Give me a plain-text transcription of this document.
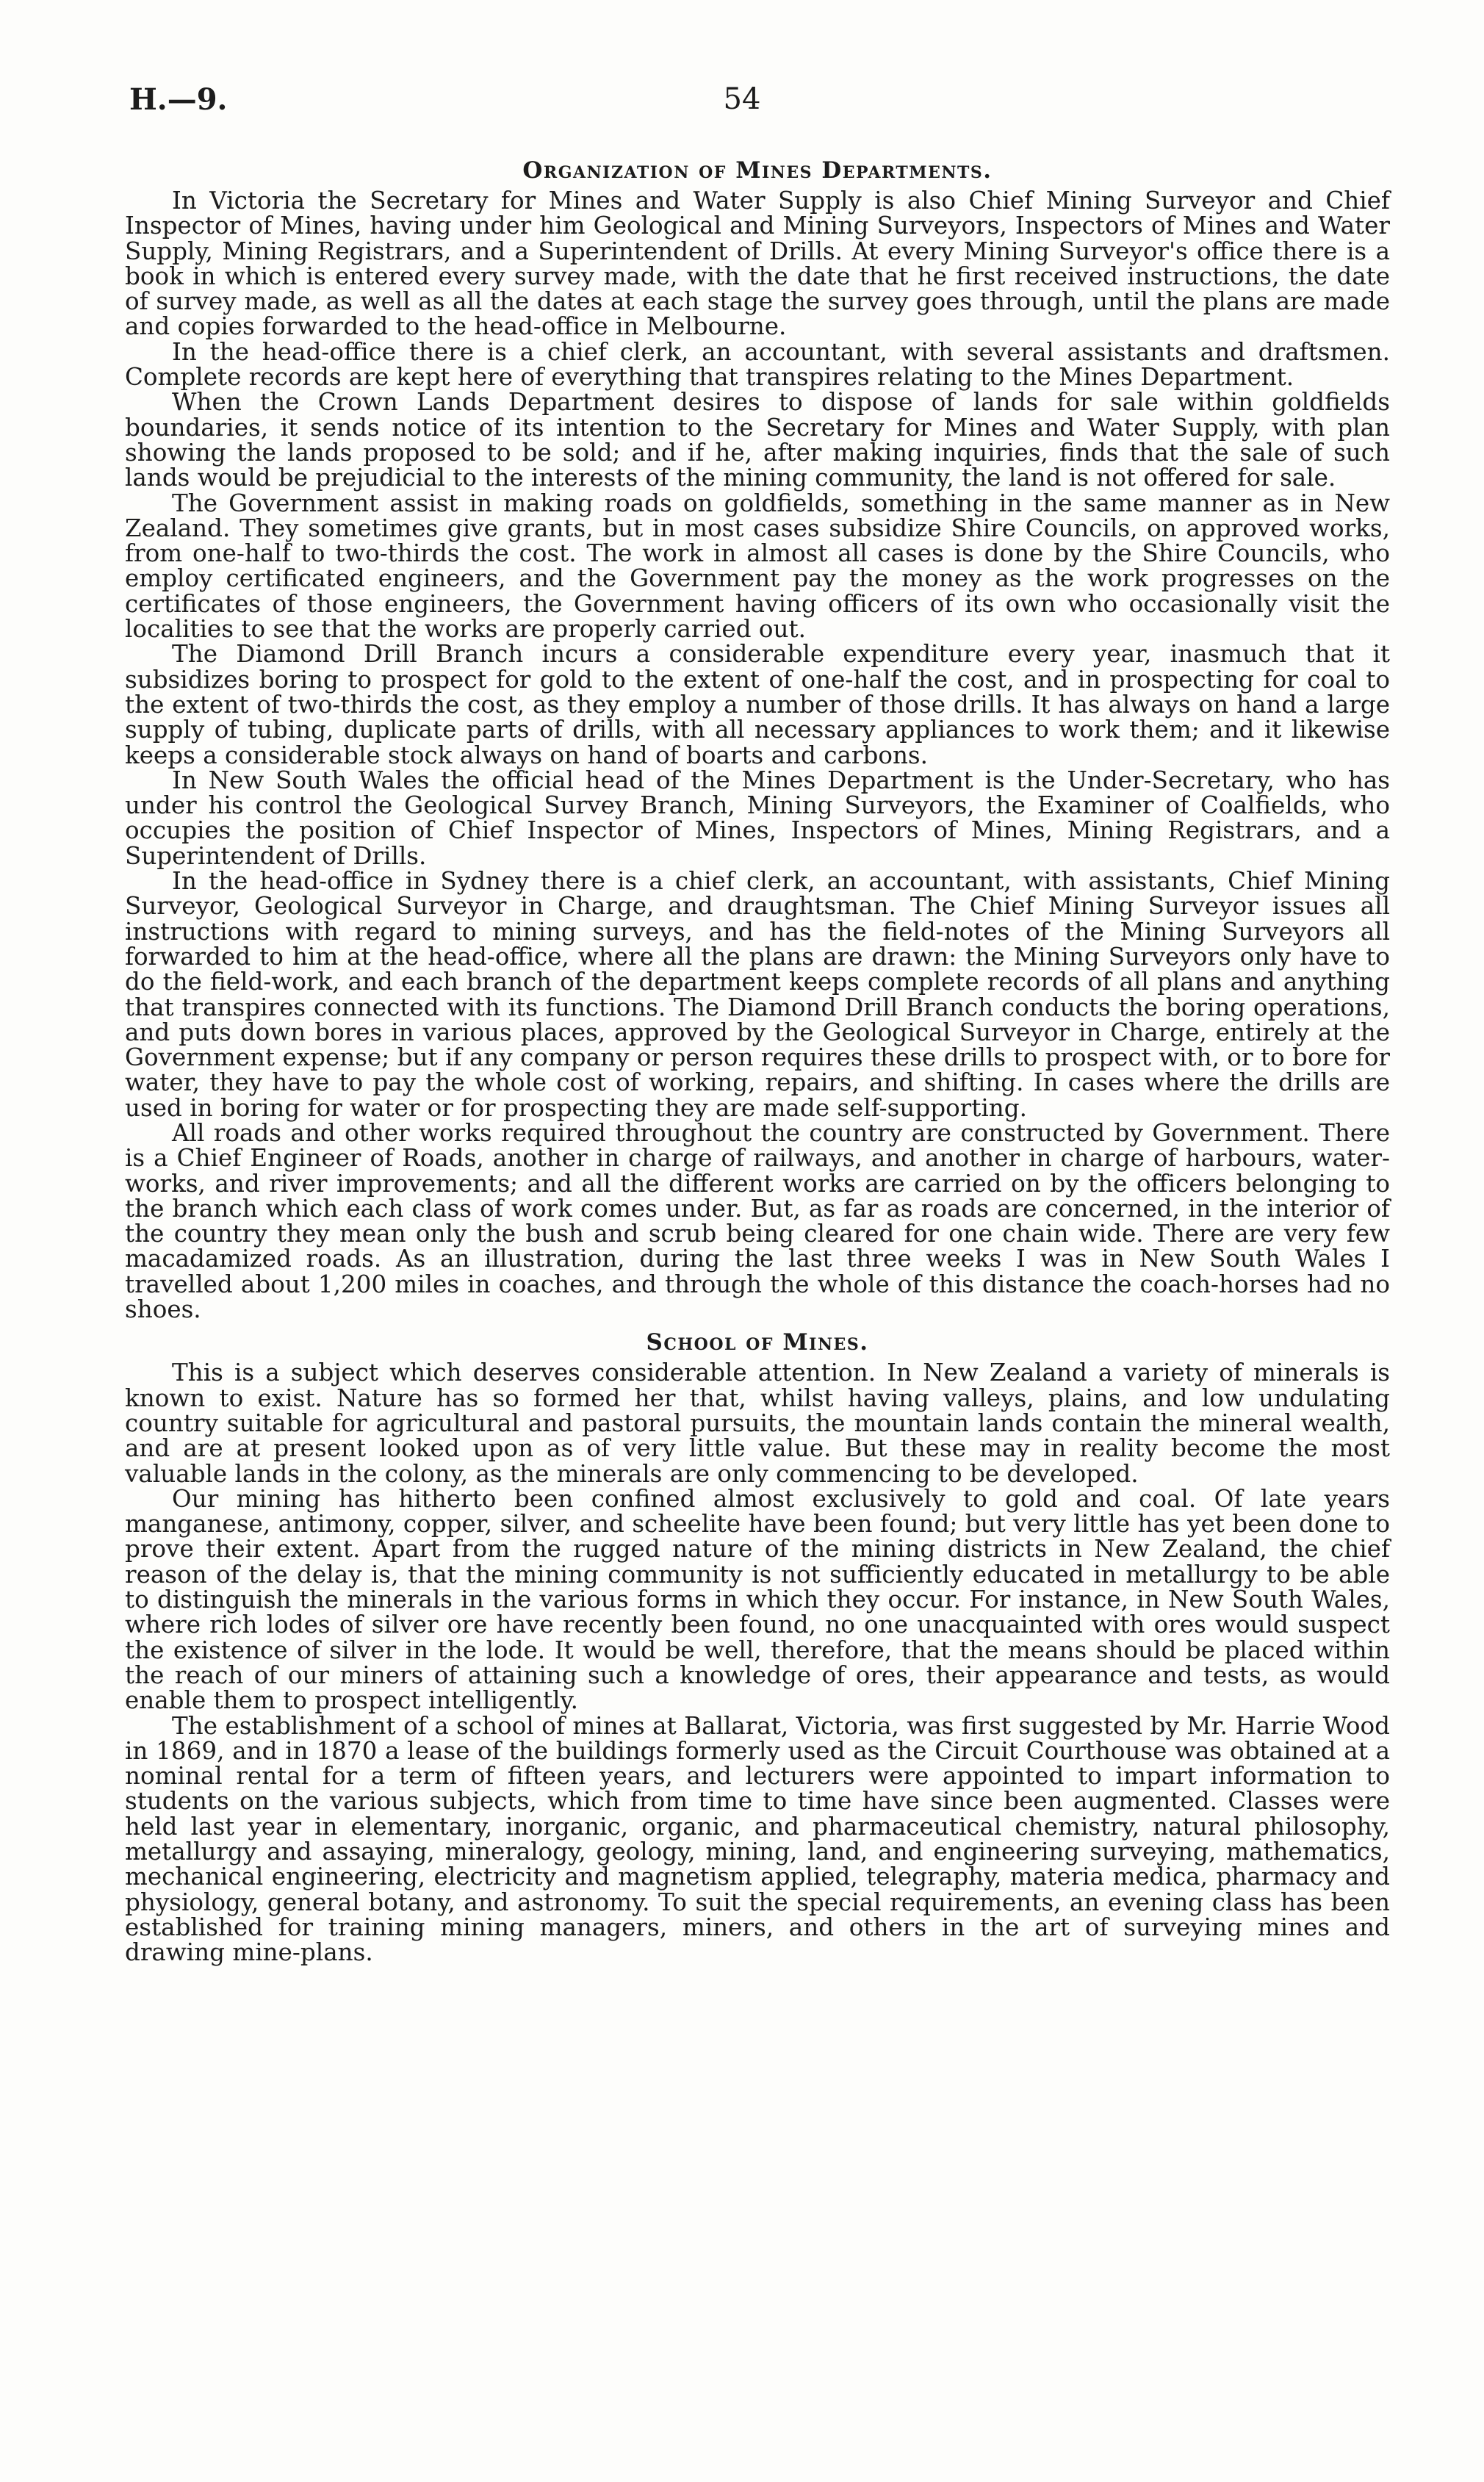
H.—9.	54
Organization of Mines Departments.

In Victoria the Secretary for Mines and Water Supply is also Chief Mining Surveyor and Chief Inspector of Mines, having under him Geological and Mining Surveyors, Inspectors of Mines and Water Supply, Mining Registrars, and a Superintendent of Drills. At every Mining Surveyor's office there is a book in which is entered every survey made, with the date that he first received instructions, the date of survey made, as well as all the dates at each stage the survey goes through, until the plans are made and copies forwarded to the head-office in Melbourne.

In the head-office there is a chief clerk, an accountant, with several assistants and draftsmen. Complete records are kept here of everything that transpires relating to the Mines Department.

When the Crown Lands Department desires to dispose of lands for sale within goldfields boundaries, it sends notice of its intention to the Secretary for Mines and Water Supply, with plan showing the lands proposed to be sold; and if he, after making inquiries, finds that the sale of such lands would be prejudicial to the interests of the mining community, the land is not offered for sale.

The Government assist in making roads on goldfields, something in the same manner as in New Zealand. They sometimes give grants, but in most cases subsidize Shire Councils, on approved works, from one-half to two-thirds the cost. The work in almost all cases is done by the Shire Councils, who employ certificated engineers, and the Government pay the money as the work progresses on the certificates of those engineers, the Government having officers of its own who occasionally visit the localities to see that the works are properly carried out.

The Diamond Drill Branch incurs a considerable expenditure every year, inasmuch that it subsidizes boring to prospect for gold to the extent of one-half the cost, and in prospecting for coal to the extent of two-thirds the cost, as they employ a number of those drills. It has always on hand a large supply of tubing, duplicate parts of drills, with all necessary appliances to work them; and it likewise keeps a considerable stock always on hand of boarts and carbons.

In New South Wales the official head of the Mines Department is the Under-Secretary, who has under his control the Geological Survey Branch, Mining Surveyors, the Examiner of Coalfields, who occupies the position of Chief Inspector of Mines, Inspectors of Mines, Mining Registrars, and a Superintendent of Drills.

In the head-office in Sydney there is a chief clerk, an accountant, with assistants, Chief Mining Surveyor, Geological Surveyor in Charge, and draughtsman. The Chief Mining Surveyor issues all instructions with regard to mining surveys, and has the field-notes of the Mining Surveyors all forwarded to him at the head-office, where all the plans are drawn: the Mining Surveyors only have to do the field-work, and each branch of the department keeps complete records of all plans and anything that transpires connected with its functions. The Diamond Drill Branch conducts the boring operations, and puts down bores in various places, approved by the Geological Surveyor in Charge, entirely at the Government expense; but if any company or person requires these drills to prospect with, or to bore for water, they have to pay the whole cost of working, repairs, and shifting. In cases where the drills are used in boring for water or for prospecting they are made self-supporting.

All roads and other works required throughout the country are constructed by Government. There is a Chief Engineer of Roads, another in charge of railways, and another in charge of harbours, water-works, and river improvements; and all the different works are carried on by the officers belonging to the branch which each class of work comes under. But, as far as roads are concerned, in the interior of the country they mean only the bush and scrub being cleared for one chain wide. There are very few macadamized roads. As an illustration, during the last three weeks I was in New South Wales I travelled about 1,200 miles in coaches, and through the whole of this distance the coach-horses had no shoes.

School of Mines.

This is a subject which deserves considerable attention. In New Zealand a variety of minerals is known to exist. Nature has so formed her that, whilst having valleys, plains, and low undulating country suitable for agricultural and pastoral pursuits, the mountain lands contain the mineral wealth, and are at present looked upon as of very little value. But these may in reality become the most valuable lands in the colony, as the minerals are only commencing to be developed.

Our mining has hitherto been confined almost exclusively to gold and coal. Of late years manganese, antimony, copper, silver, and scheelite have been found; but very little has yet been done to prove their extent. Apart from the rugged nature of the mining districts in New Zealand, the chief reason of the delay is, that the mining community is not sufficiently educated in metallurgy to be able to distinguish the minerals in the various forms in which they occur. For instance, in New South Wales, where rich lodes of silver ore have recently been found, no one unacquainted with ores would suspect the existence of silver in the lode. It would be well, therefore, that the means should be placed within the reach of our miners of attaining such a knowledge of ores, their appearance and tests, as would enable them to prospect intelligently.

The establishment of a school of mines at Ballarat, Victoria, was first suggested by Mr. Harrie Wood in 1869, and in 1870 a lease of the buildings formerly used as the Circuit Courthouse was obtained at a nominal rental for a term of fifteen years, and lecturers were appointed to impart information to students on the various subjects, which from time to time have since been augmented. Classes were held last year in elementary, inorganic, organic, and pharmaceutical chemistry, natural philosophy, metallurgy and assaying, mineralogy, geology, mining, land, and engineering surveying, mathematics, mechanical engineering, electricity and magnetism applied, telegraphy, materia medica, pharmacy and physiology, general botany, and astronomy. To suit the special requirements, an evening class has been established for training mining managers, miners, and others in the art of surveying mines and drawing mine-plans.
